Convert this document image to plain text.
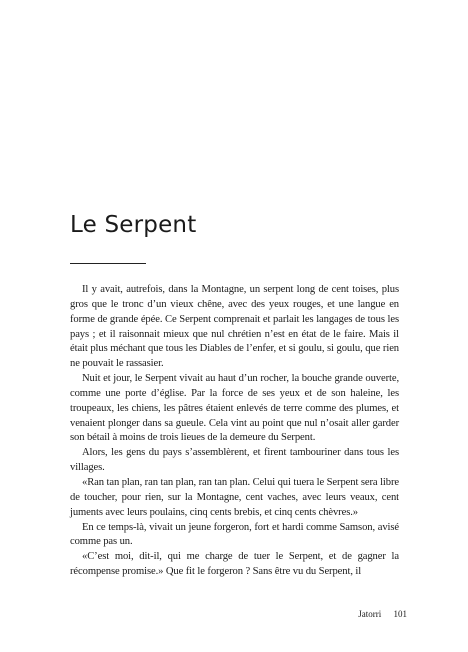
Le Serpent

Il y avait, autrefois, dans la Montagne, un serpent long de cent toises, plus gros que le tronc d’un vieux chêne, avec des yeux rouges, et une langue en forme de grande épée. Ce Serpent comprenait et parlait les langages de tous les pays ; et il raisonnait mieux que nul chrétien n’est en état de le faire. Mais il était plus méchant que tous les Diables de l’enfer, et si goulu, si goulu, que rien ne pouvait le rassasier.

Nuit et jour, le Serpent vivait au haut d’un rocher, la bouche grande ouverte, comme une porte d’église. Par la force de ses yeux et de son haleine, les troupeaux, les chiens, les pâtres étaient enlevés de terre comme des plumes, et venaient plonger dans sa gueule. Cela vint au point que nul n’osait aller garder son bétail à moins de trois lieues de la demeure du Serpent.

Alors, les gens du pays s’assemblèrent, et firent tambouriner dans tous les villages.

«Ran tan plan, ran tan plan, ran tan plan. Celui qui tuera le Serpent sera libre de toucher, pour rien, sur la Montagne, cent vaches, avec leurs veaux, cent juments avec leurs poulains, cinq cents brebis, et cinq cents chèvres.»

En ce temps-là, vivait un jeune forgeron, fort et hardi comme Samson, avisé comme pas un.

«C’est moi, dit-il, qui me charge de tuer le Serpent, et de gagner la récompense promise.» Que fit le forgeron ? Sans être vu du Serpent, il

Jatorri 101
